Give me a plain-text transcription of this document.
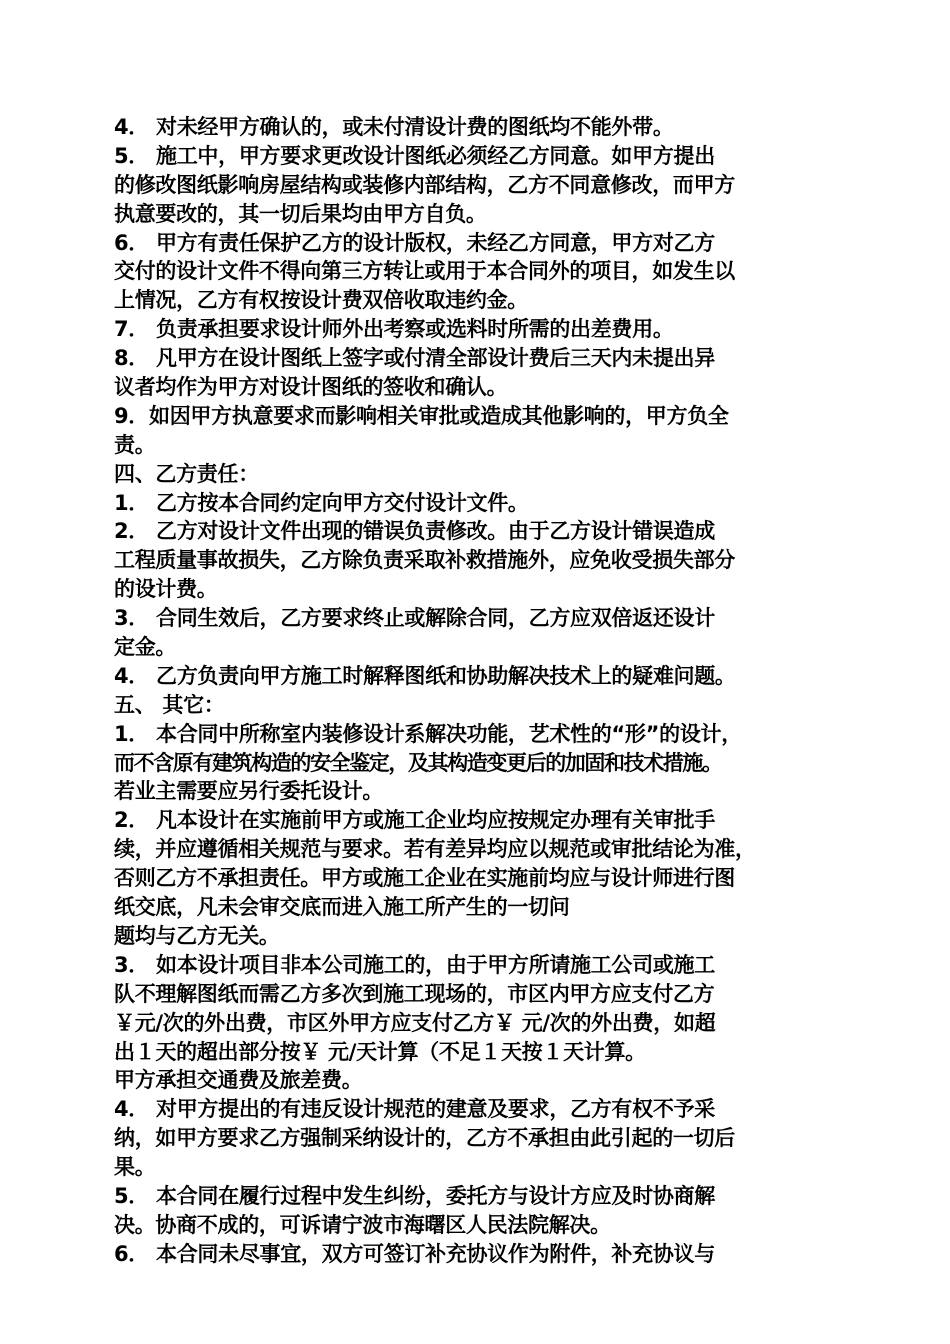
4． 对未经甲方确认的，或未付清设计费的图纸均不能外带。
5． 施工中，甲方要求更改设计图纸必须经乙方同意。如甲方提出
的修改图纸影响房屋结构或装修内部结构，乙方不同意修改，而甲方
执意要改的，其一切后果均由甲方自负。
6． 甲方有责任保护乙方的设计版权，未经乙方同意，甲方对乙方
交付的设计文件不得向第三方转让或用于本合同外的项目，如发生以
上情况，乙方有权按设计费双倍收取违约金。
7． 负责承担要求设计师外出考察或选料时所需的出差费用。
8． 凡甲方在设计图纸上签字或付清全部设计费后三天内未提出异
议者均作为甲方对设计图纸的签收和确认。
9．如因甲方执意要求而影响相关审批或造成其他影响的，甲方负全
责。
四、乙方责任：
1． 乙方按本合同约定向甲方交付设计文件。
2． 乙方对设计文件出现的错误负责修改。由于乙方设计错误造成
工程质量事故损失，乙方除负责采取补救措施外，应免收受损失部分
的设计费。
3． 合同生效后，乙方要求终止或解除合同，乙方应双倍返还设计
定金。
4． 乙方负责向甲方施工时解释图纸和协助解决技术上的疑难问题。
五、 其它：
1． 本合同中所称室内装修设计系解决功能，艺术性的“形”的设计，
而不含原有建筑构造的安全鉴定，及其构造变更后的加固和技术措施。
若业主需要应另行委托设计。
2． 凡本设计在实施前甲方或施工企业均应按规定办理有关审批手
续，并应遵循相关规范与要求。若有差异均应以规范或审批结论为准，
否则乙方不承担责任。甲方或施工企业在实施前均应与设计师进行图
纸交底，凡未会审交底而进入施工所产生的一切问
题均与乙方无关。
3． 如本设计项目非本公司施工的，由于甲方所请施工公司或施工
队不理解图纸而需乙方多次到施工现场的，市区内甲方应支付乙方
￥元/次的外出费，市区外甲方应支付乙方￥ 元/次的外出费，如超
出１天的超出部分按￥ 元/天计算（不足１天按１天计算。
甲方承担交通费及旅差费。
4． 对甲方提出的有违反设计规范的建意及要求，乙方有权不予采
纳，如甲方要求乙方强制采纳设计的，乙方不承担由此引起的一切后
果。
5． 本合同在履行过程中发生纠纷，委托方与设计方应及时协商解
决。协商不成的，可诉请宁波市海曙区人民法院解决。
6． 本合同未尽事宜，双方可签订补充协议作为附件，补充协议与
